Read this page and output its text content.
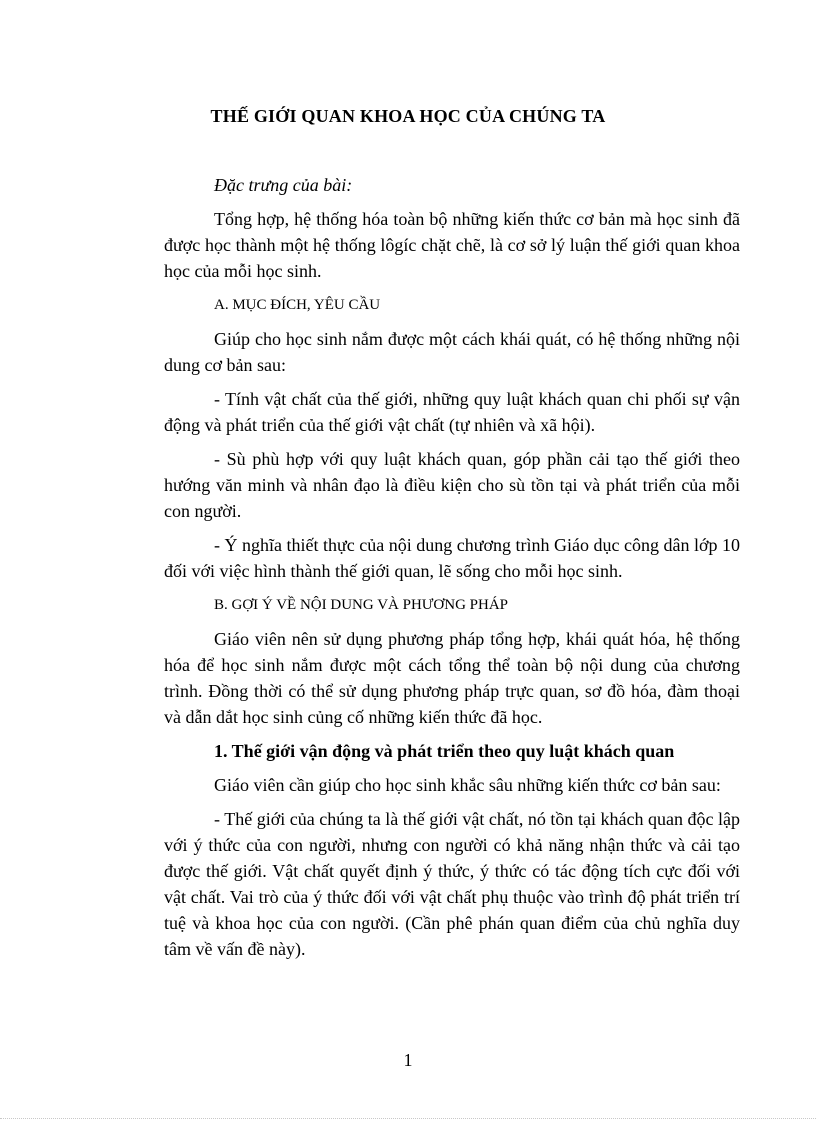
THẾ GIỚI QUAN KHOA HỌC CỦA CHÚNG TA

Đặc trưng của bài:

Tổng hợp, hệ thống hóa toàn bộ những kiến thức cơ bản mà học sinh đã được học thành một hệ thống lôgíc chặt chẽ, là cơ sở lý luận thế giới quan khoa học của mỗi học sinh.

A. MỤC ĐÍCH, YÊU CẦU

Giúp cho học sinh nắm được một cách khái quát, có hệ thống những nội dung cơ bản sau:

- Tính vật chất của thế giới, những quy luật khách quan chi phối sự vận động và phát triển của thế giới vật chất (tự nhiên và xã hội).

- Sù phù hợp với quy luật khách quan, góp phần cải tạo thế giới theo hướng văn minh và nhân đạo là điều kiện cho sù tồn tại và phát triển của mỗi con người.

- Ý nghĩa thiết thực của nội dung chương trình Giáo dục công dân lớp 10 đối với việc hình thành thế giới quan, lẽ sống cho mỗi học sinh.

B. GỢI Ý VỀ NỘI DUNG VÀ PHƯƠNG PHÁP

Giáo viên nên sử dụng phương pháp tổng hợp, khái quát hóa, hệ thống hóa để học sinh nắm được một cách tổng thể toàn bộ nội dung của chương trình. Đồng thời có thể sử dụng phương pháp trực quan, sơ đồ hóa, đàm thoại và dẫn dắt học sinh củng cố những kiến thức đã học.

1. Thế giới vận động và phát triển theo quy luật khách quan

Giáo viên cần giúp cho học sinh khắc sâu những kiến thức cơ bản sau:

- Thế giới của chúng ta là thế giới vật chất, nó tồn tại khách quan độc lập với ý thức của con người, nhưng con người có khả năng nhận thức và cải tạo được thế giới. Vật chất quyết định ý thức, ý thức có tác động tích cực đối với vật chất. Vai trò của ý thức đối với vật chất phụ thuộc vào trình độ phát triển trí tuệ và khoa học của con người. (Cần phê phán quan điểm của chủ nghĩa duy tâm về vấn đề này).

1
